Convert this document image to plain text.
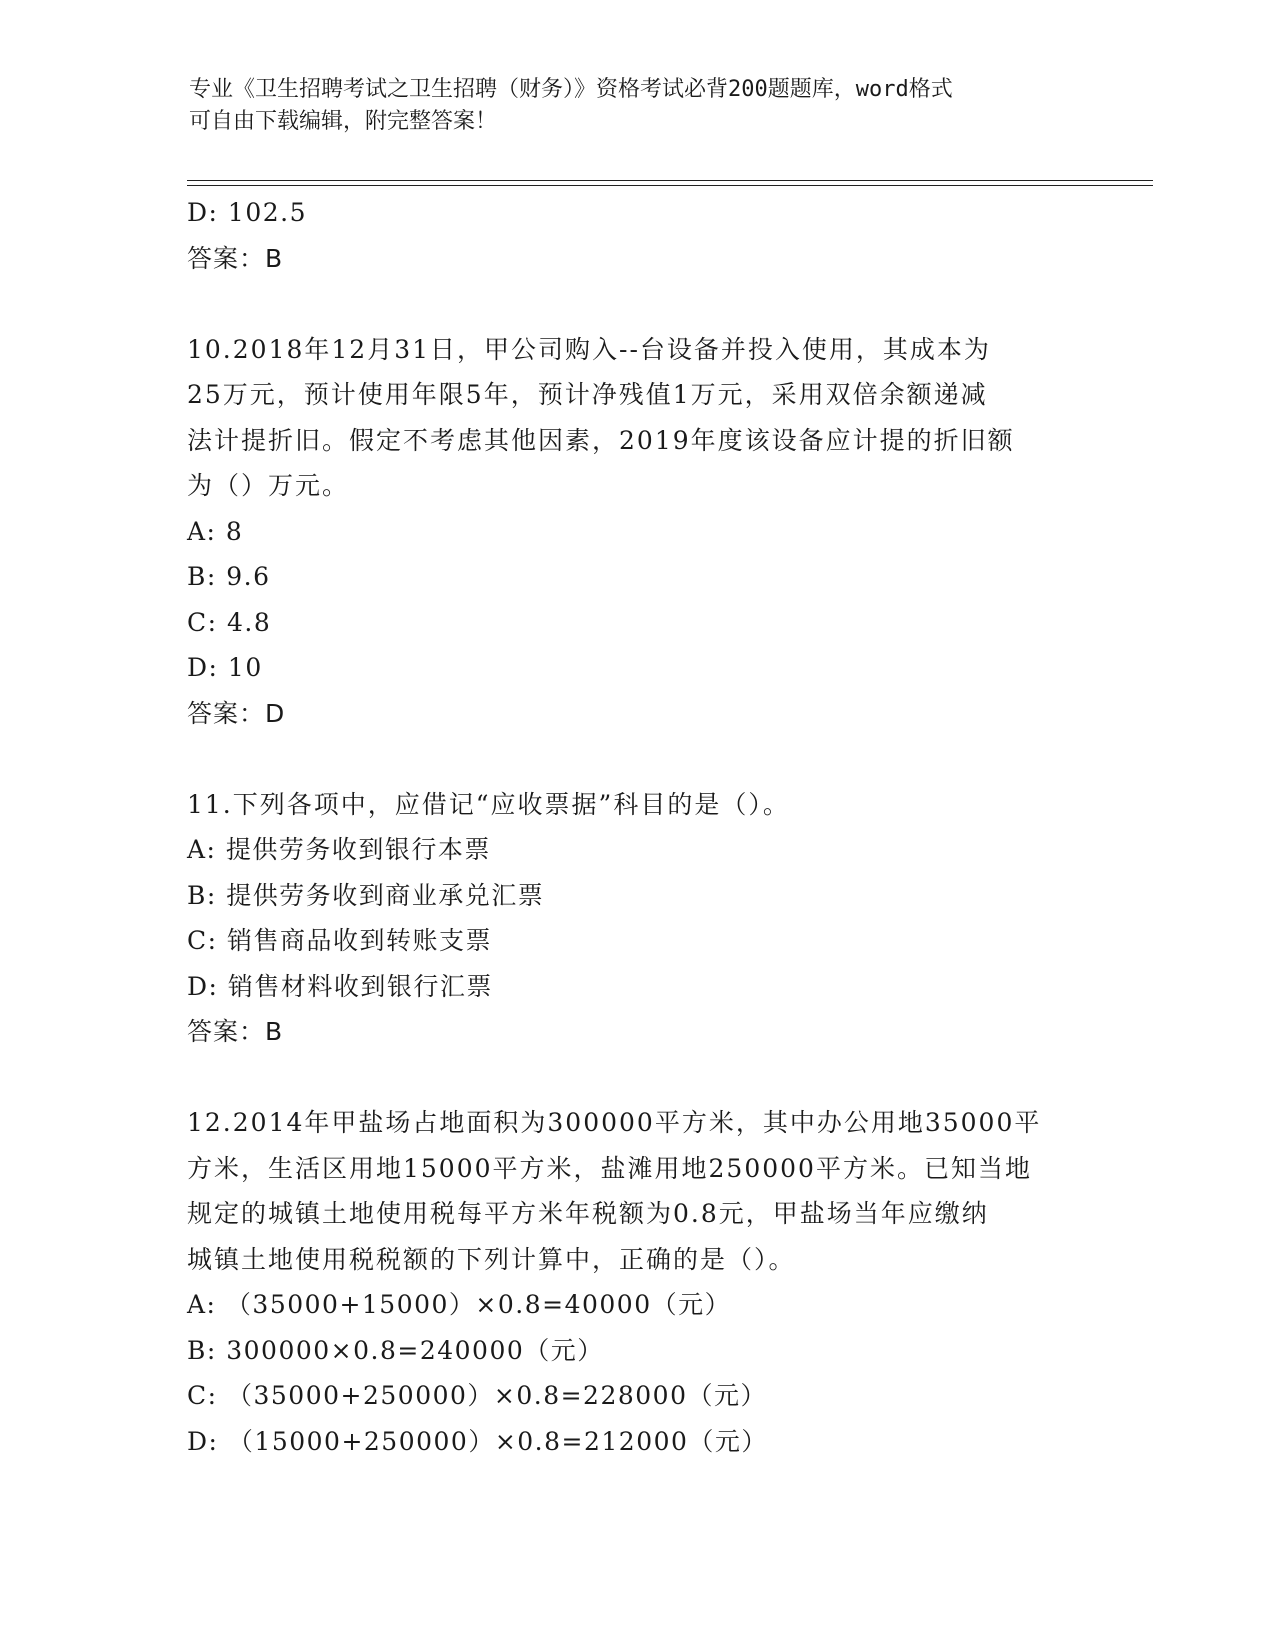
专业《卫生招聘考试之卫生招聘（财务）》资格考试必背200题题库，word格式
可自由下载编辑，附完整答案！
D: 102.5
答案：B
10.2018年12月31日，甲公司购入--台设备并投入使用，其成本为
25万元，预计使用年限5年，预计净残值1万元，采用双倍余额递减
法计提折旧。假定不考虑其他因素，2019年度该设备应计提的折旧额
为（）万元。
A: 8
B: 9.6
C: 4.8
D: 10
答案：D
11.下列各项中，应借记“应收票据”科目的是（）。
A: 提供劳务收到银行本票
B: 提供劳务收到商业承兑汇票
C: 销售商品收到转账支票
D: 销售材料收到银行汇票
答案：B
12.2014年甲盐场占地面积为300000平方米，其中办公用地35000平
方米，生活区用地15000平方米，盐滩用地250000平方米。已知当地
规定的城镇土地使用税每平方米年税额为0.8元，甲盐场当年应缴纳
城镇土地使用税税额的下列计算中，正确的是（）。
A: （35000+15000）×0.8=40000（元）
B: 300000×0.8=240000（元）
C: （35000+250000）×0.8=228000（元）
D: （15000+250000）×0.8=212000（元）
